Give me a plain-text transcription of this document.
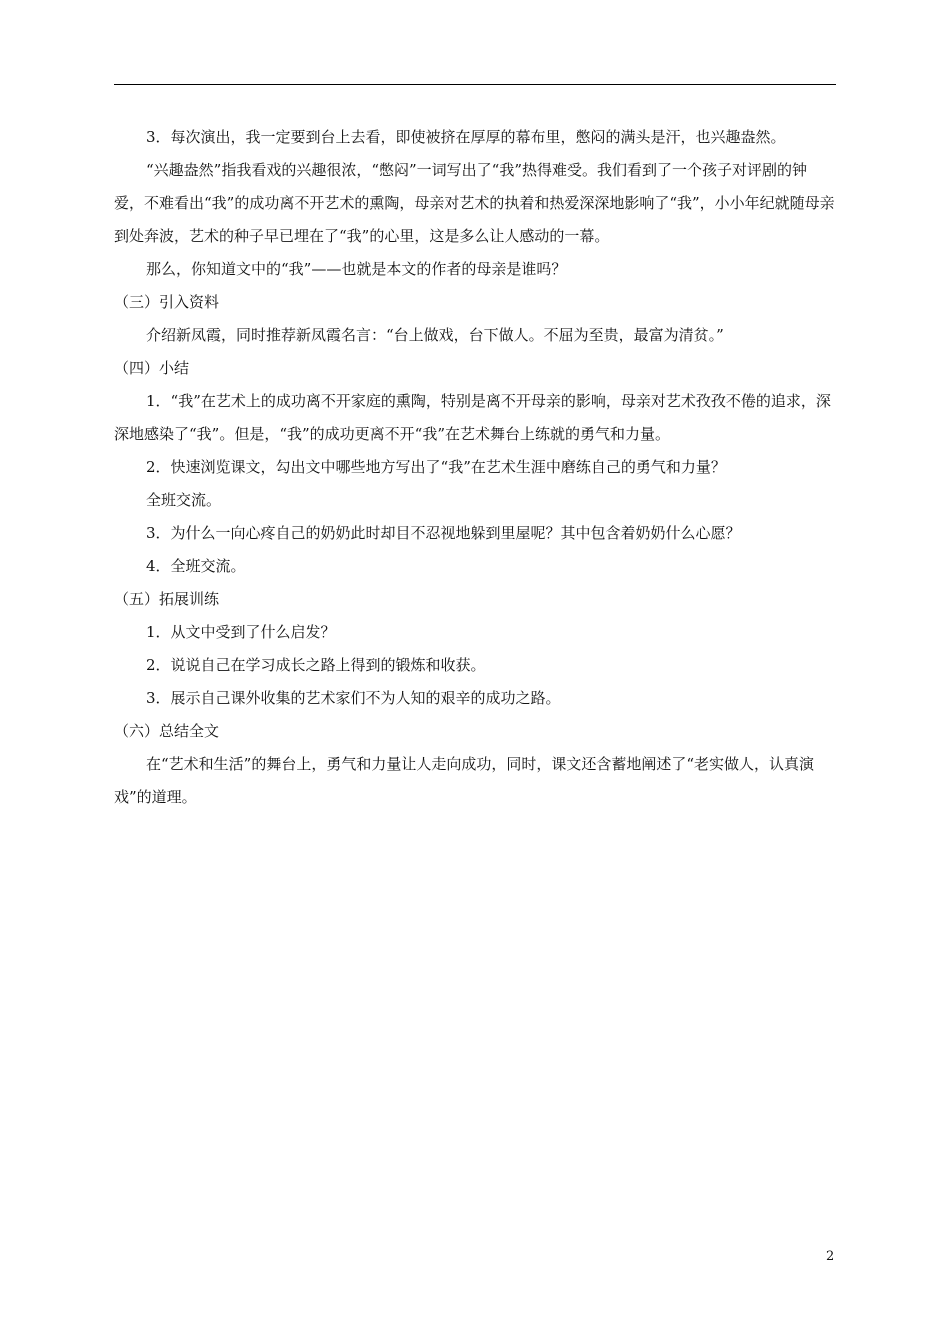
3．每次演出，我一定要到台上去看，即使被挤在厚厚的幕布里，憋闷的满头是汗，也兴趣盎然。

“兴趣盎然”指我看戏的兴趣很浓，“憋闷”一词写出了“我”热得难受。我们看到了一个孩子对评剧的钟爱，不难看出“我”的成功离不开艺术的熏陶，母亲对艺术的执着和热爱深深地影响了“我”，小小年纪就随母亲到处奔波，艺术的种子早已埋在了“我”的心里，这是多么让人感动的一幕。

那么，你知道文中的“我”——也就是本文的作者的母亲是谁吗？

（三）引入资料

介绍新凤霞，同时推荐新凤霞名言：“台上做戏，台下做人。不屈为至贵，最富为清贫。”

（四）小结

1．“我”在艺术上的成功离不开家庭的熏陶，特别是离不开母亲的影响，母亲对艺术孜孜不倦的追求，深深地感染了“我”。但是，“我”的成功更离不开“我”在艺术舞台上练就的勇气和力量。

2．快速浏览课文，勾出文中哪些地方写出了“我”在艺术生涯中磨练自己的勇气和力量？

全班交流。

3．为什么一向心疼自己的奶奶此时却目不忍视地躲到里屋呢？其中包含着奶奶什么心愿？

4．全班交流。

（五）拓展训练

1．从文中受到了什么启发？

2．说说自己在学习成长之路上得到的锻炼和收获。

3．展示自己课外收集的艺术家们不为人知的艰辛的成功之路。

（六）总结全文

在“艺术和生活”的舞台上，勇气和力量让人走向成功，同时，课文还含蓄地阐述了“老实做人，认真演戏”的道理。

2
